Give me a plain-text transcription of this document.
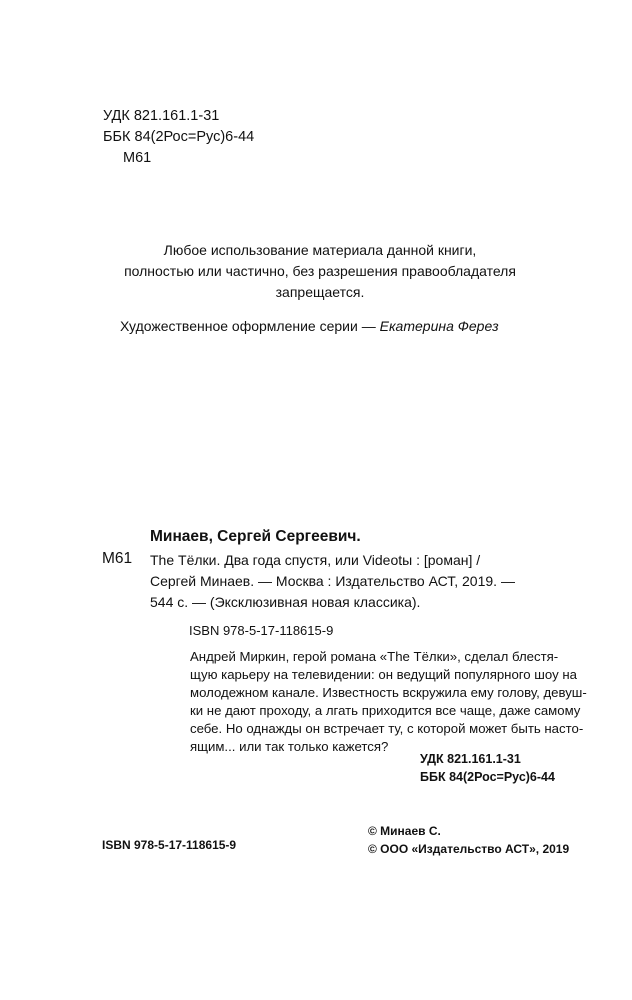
УДК 821.161.1-31
ББК 84(2Рос=Рус)6-44
М61
Любое использование материала данной книги,
полностью или частично, без разрешения правообладателя
запрещается.
Художественное оформление серии — Екатерина Ферез
Минаев, Сергей Сергеевич.
М61 The Тёлки. Два года спустя, или Videotы : [роман] /
Сергей Минаев. — Москва : Издательство АСТ, 2019. —
544 с. — (Эксклюзивная новая классика).
ISBN 978-5-17-118615-9
Андрей Миркин, герой романа «The Тёлки», сделал блестя-
щую карьеру на телевидении: он ведущий популярного шоу на
молодежном канале. Известность вскружила ему голову, девуш-
ки не дают проходу, а лгать приходится все чаще, даже самому
себе. Но однажды он встречает ту, с которой может быть насто-
ящим... или так только кажется?
УДК 821.161.1-31
ББК 84(2Рос=Рус)6-44
ISBN 978-5-17-118615-9
© Минаев С.
© ООО «Издательство АСТ», 2019
